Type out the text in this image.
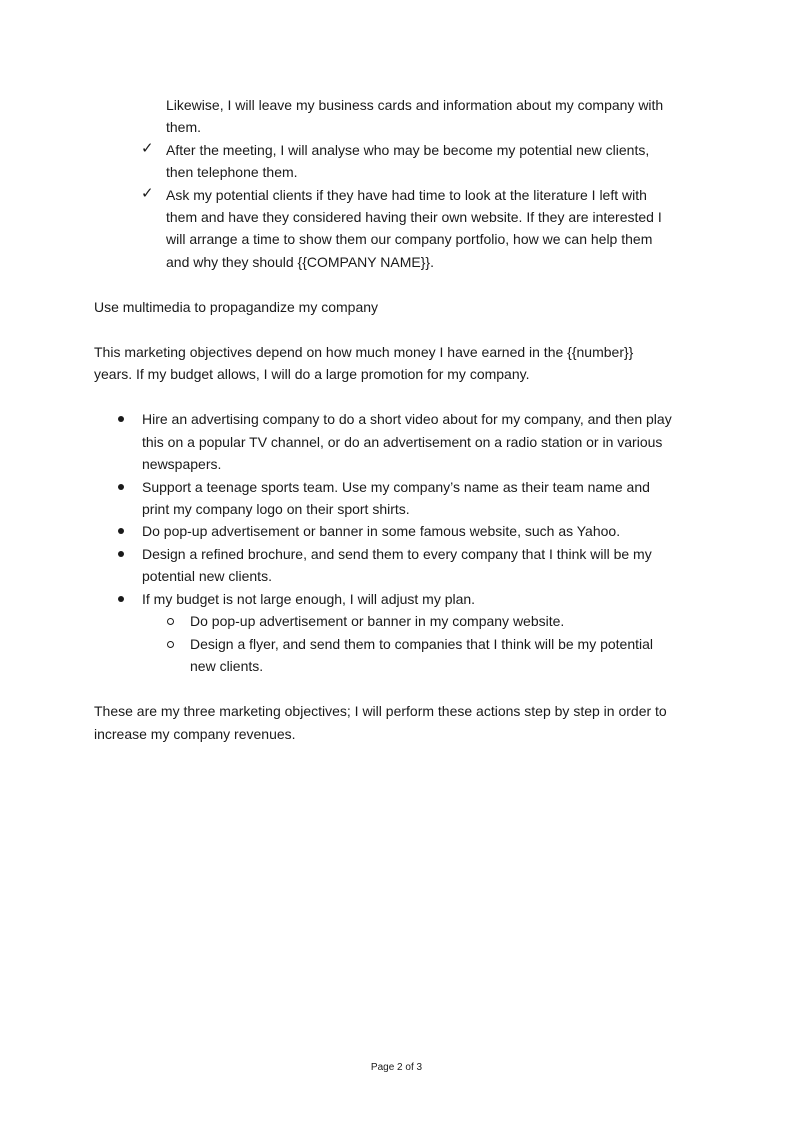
Likewise, I will leave my business cards and information about my company with
them.
✓ After the meeting, I will analyse who may be become my potential new clients,
then telephone them.
✓ Ask my potential clients if they have had time to look at the literature I left with
them and have they considered having their own website. If they are interested I
will arrange a time to show them our company portfolio, how we can help them
and why they should {{COMPANY NAME}}.
Use multimedia to propagandize my company
This marketing objectives depend on how much money I have earned in the {{number}}
years. If my budget allows, I will do a large promotion for my company.
Hire an advertising company to do a short video about for my company, and then play
this on a popular TV channel, or do an advertisement on a radio station or in various
newspapers.
Support a teenage sports team. Use my company’s name as their team name and
print my company logo on their sport shirts.
Do pop-up advertisement or banner in some famous website, such as Yahoo.
Design a refined brochure, and send them to every company that I think will be my
potential new clients.
If my budget is not large enough, I will adjust my plan.
Do pop-up advertisement or banner in my company website.
Design a flyer, and send them to companies that I think will be my potential
new clients.
These are my three marketing objectives; I will perform these actions step by step in order to
increase my company revenues.
Page 2 of 3
